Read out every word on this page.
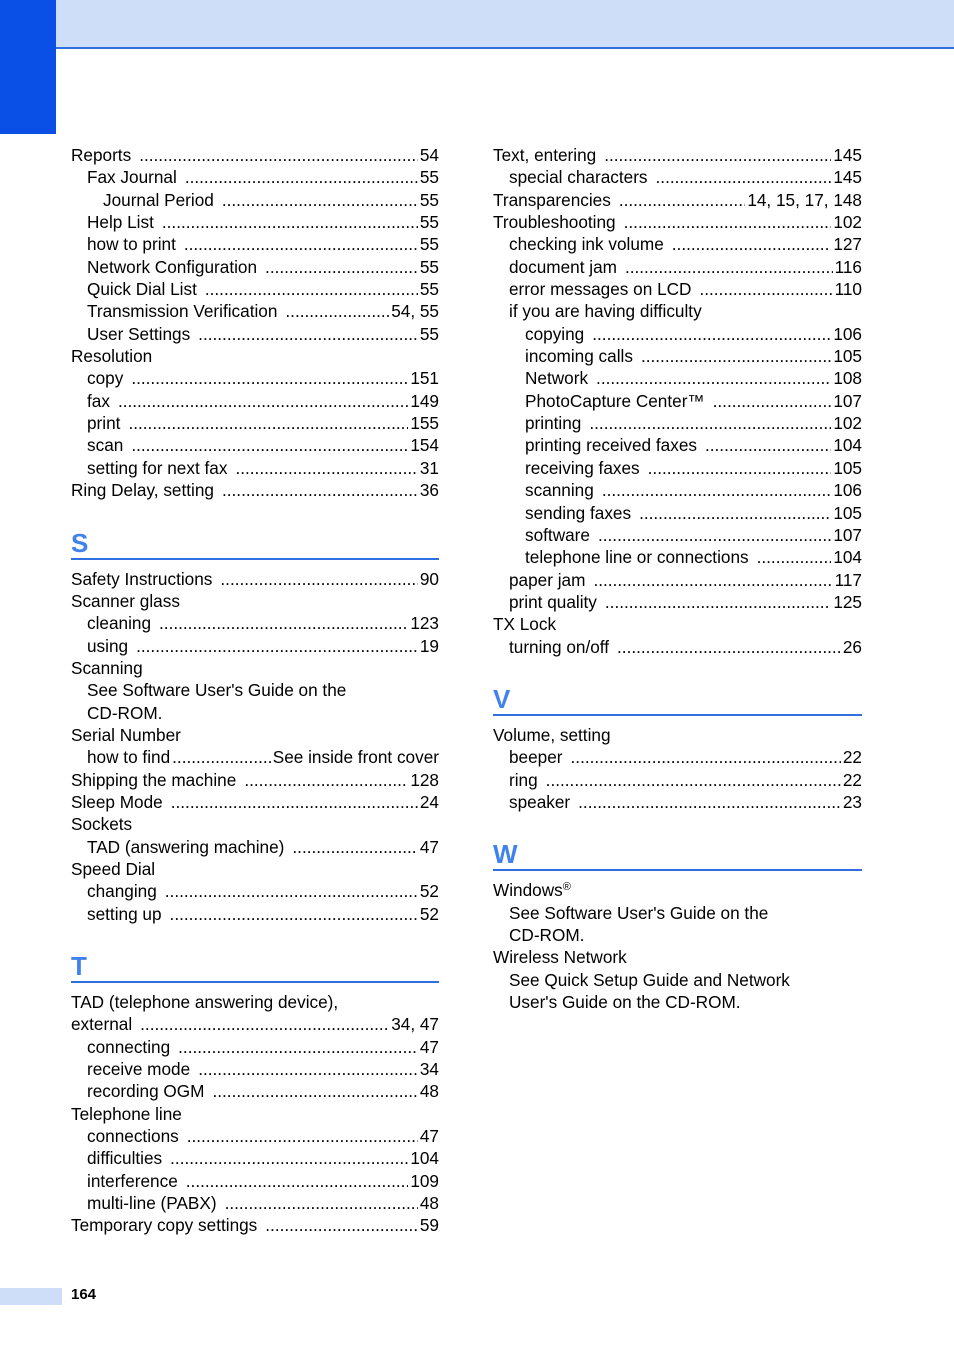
Reports .....	54
Fax Journal .....	55
Journal Period .....	55
Help List .....	55
how to print .....	55
Network Configuration .....	55
Quick Dial List .....	55
Transmission Verification .....	54, 55
User Settings .....	55
Resolution
copy .....	151
fax .....	149
print .....	155
scan .....	154
setting for next fax .....	31
Ring Delay, setting .....	36
S
Safety Instructions .....	90
Scanner glass
cleaning .....	123
using .....	19
Scanning
See Software User's Guide on the
CD-ROM.
Serial Number
how to find .....	See inside front cover
Shipping the machine .....	128
Sleep Mode .....	24
Sockets
TAD (answering machine) .....	47
Speed Dial
changing .....	52
setting up .....	52
T
TAD (telephone answering device),
external .....	34, 47
connecting .....	47
receive mode .....	34
recording OGM .....	48
Telephone line
connections .....	47
difficulties .....	104
interference .....	109
multi-line (PABX) .....	48
Temporary copy settings .....	59
Text, entering .....	145
special characters .....	145
Transparencies .....	14, 15, 17, 148
Troubleshooting .....	102
checking ink volume .....	127
document jam .....	116
error messages on LCD .....	110
if you are having difficulty
copying .....	106
incoming calls .....	105
Network .....	108
PhotoCapture Center™ .....	107
printing .....	102
printing received faxes .....	104
receiving faxes .....	105
scanning .....	106
sending faxes .....	105
software .....	107
telephone line or connections .....	104
paper jam .....	117
print quality .....	125
TX Lock
turning on/off .....	26
V
Volume, setting
beeper .....	22
ring .....	22
speaker .....	23
W
Windows®
See Software User's Guide on the
CD-ROM.
Wireless Network
See Quick Setup Guide and Network
User's Guide on the CD-ROM.
164
